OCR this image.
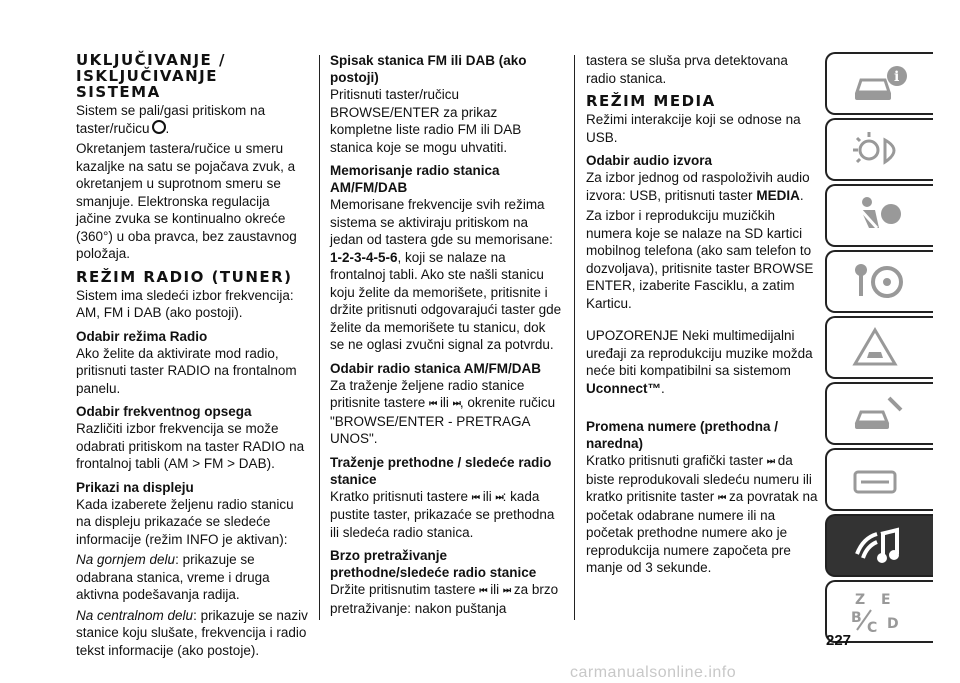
UKLJUČIVANJE / ISKLJUČIVANJE SISTEMA

Sistem se pali/gasi pritiskom na taster/ručicu .

Okretanjem tastera/ručice u smeru kazaljke na satu se pojačava zvuk, a okretanjem u suprotnom smeru se smanjuje. Elektronska regulacija jačine zvuka se kontinualno okreće (360°) u oba pravca, bez zaustavnog položaja.

REŽIM RADIO (TUNER)

Sistem ima sledeći izbor frekvencija: AM, FM i DAB (ako postoji).

Odabir režima Radio

Ako želite da aktivirate mod radio, pritisnuti taster RADIO na frontalnom panelu.

Odabir frekventnog opsega

Različiti izbor frekvencija se može odabrati pritiskom na taster RADIO na frontalnoj tabli (AM > FM > DAB).

Prikazi na displeju

Kada izaberete željenu radio stanicu na displeju prikazaće se sledeće informacije (režim INFO je aktivan):

Na gornjem delu: prikazuje se odabrana stanica, vreme i druga aktivna podešavanja radija.

Na centralnom delu: prikazuje se naziv stanice koju slušate, frekvencija i radio tekst informacije (ako postoje).

Spisak stanica FM ili DAB (ako postoji)

Pritisnuti taster/ručicu BROWSE/ENTER za prikaz kompletne liste radio FM ili DAB stanica koje se mogu uhvatiti.

Memorisanje radio stanica AM/FM/DAB

Memorisane frekvencije svih režima sistema se aktiviraju pritiskom na jedan od tastera gde su memorisane: 1-2-3-4-5-6, koji se nalaze na frontalnoj tabli. Ako ste našli stanicu koju želite da memorišete, pritisnite i držite pritisnuti odgovarajući taster gde želite da memorišete tu stanicu, dok se ne oglasi zvučni signal za potvrdu.

Odabir radio stanica AM/FM/DAB

Za traženje željene radio stanice pritisnite tastere ⏮ ili ⏭, okrenite ručicu "BROWSE/ENTER - PRETRAGA UNOS".

Traženje prethodne / sledeće radio stanice

Kratko pritisnuti tastere ⏮ ili ⏭: kada pustite taster, prikazaće se prethodna ili sledeća radio stanica.

Brzo pretraživanje prethodne/sledeće radio stanice

Držite pritisnutim tastere ⏮ ili ⏭ za brzo pretraživanje: nakon puštanja

tastera se sluša prva detektovana radio stanica.

REŽIM MEDIA

Režimi interakcije koji se odnose na USB.

Odabir audio izvora

Za izbor jednog od raspoloživih audio izvora: USB, pritisnuti taster MEDIA.

Za izbor i reprodukciju muzičkih numera koje se nalaze na SD kartici mobilnog telefona (ako sam telefon to dozvoljava), pritisnite taster BROWSE ENTER, izaberite Fasciklu, a zatim Karticu.

UPOZORENJE Neki multimedijalni uređaji za reprodukciju muzike možda neće biti kompatibilni sa sistemom Uconnect™.

Promena numere (prethodna / naredna)

Kratko pritisnuti grafički taster ⏭ da biste reprodukovali sledeću numeru ili kratko pritisnite taster ⏮ za povratak na početak odabrane numere ili na početak prethodne numere ako je reprodukcija numere započeta pre manje od 3 sekunde.

i
Z E
B
C D
227
carmanualsonline.info
